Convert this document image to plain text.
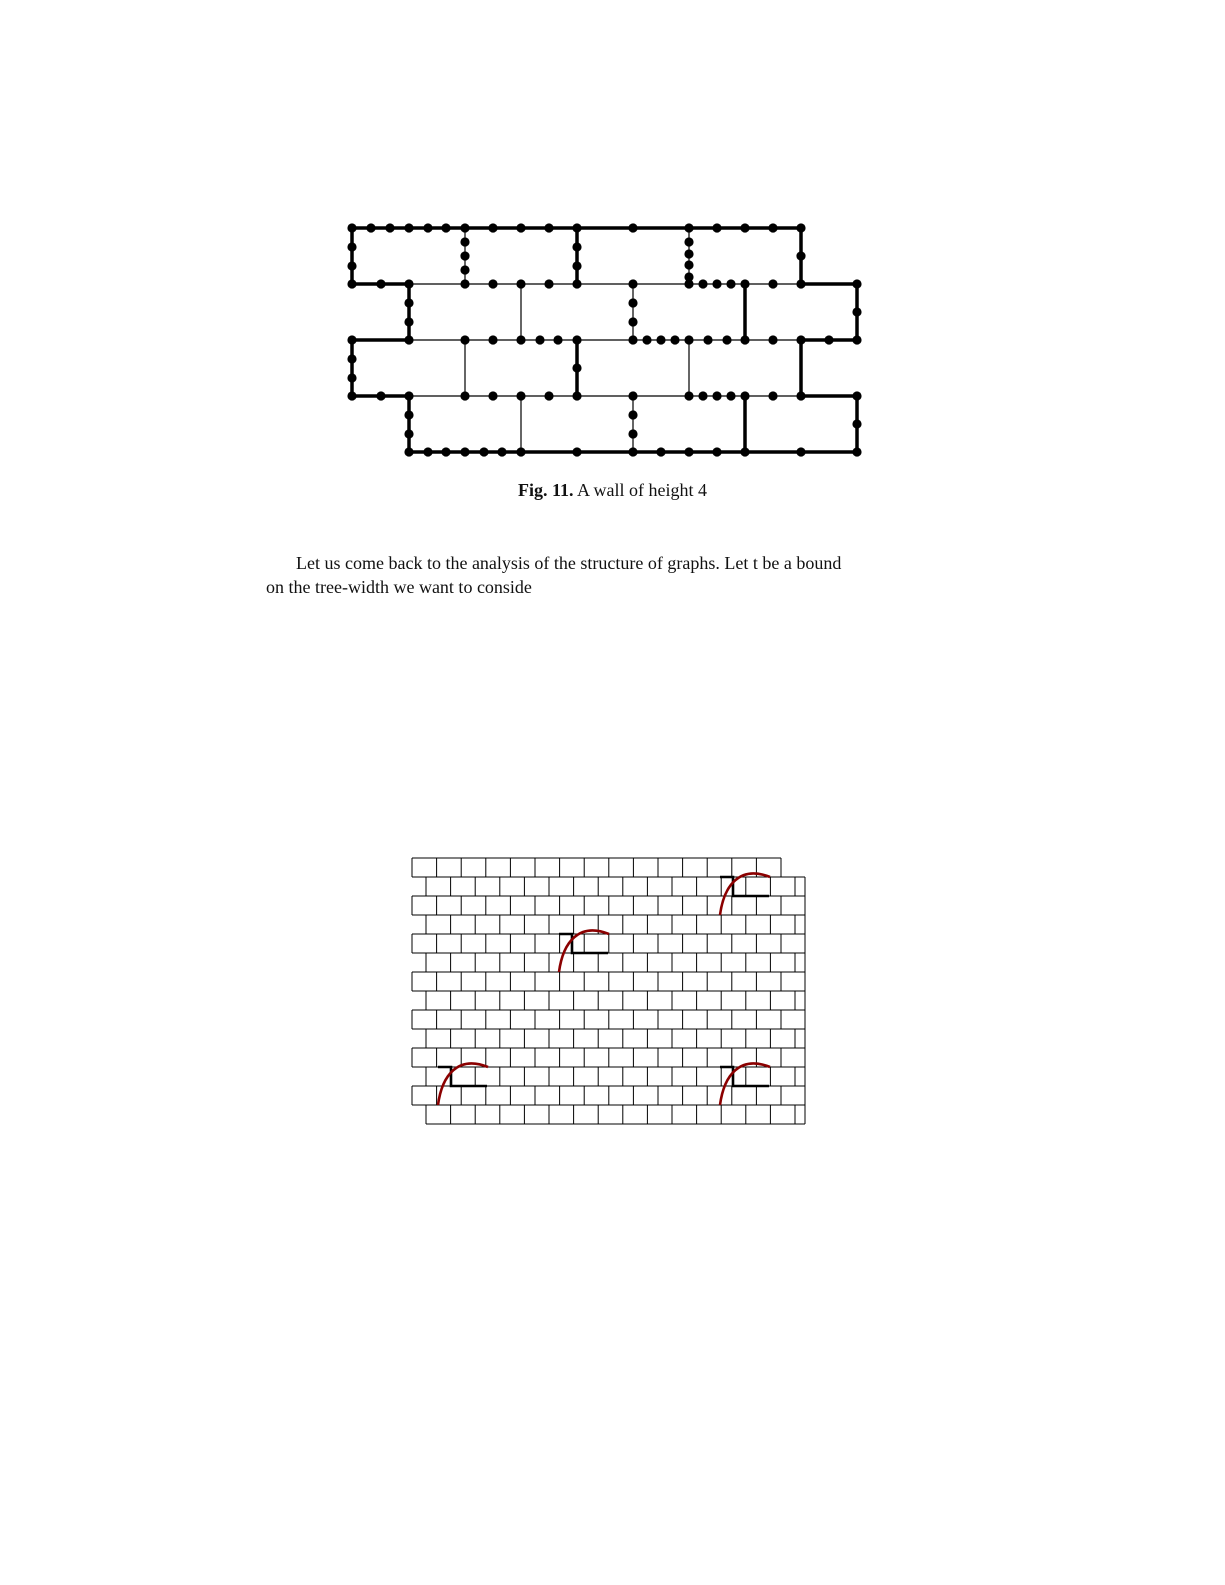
Fig. 11. A wall of height 4
Let us come back to the analysis of the structure of graphs. Let t be a bound
on the tree-width we want to conside
